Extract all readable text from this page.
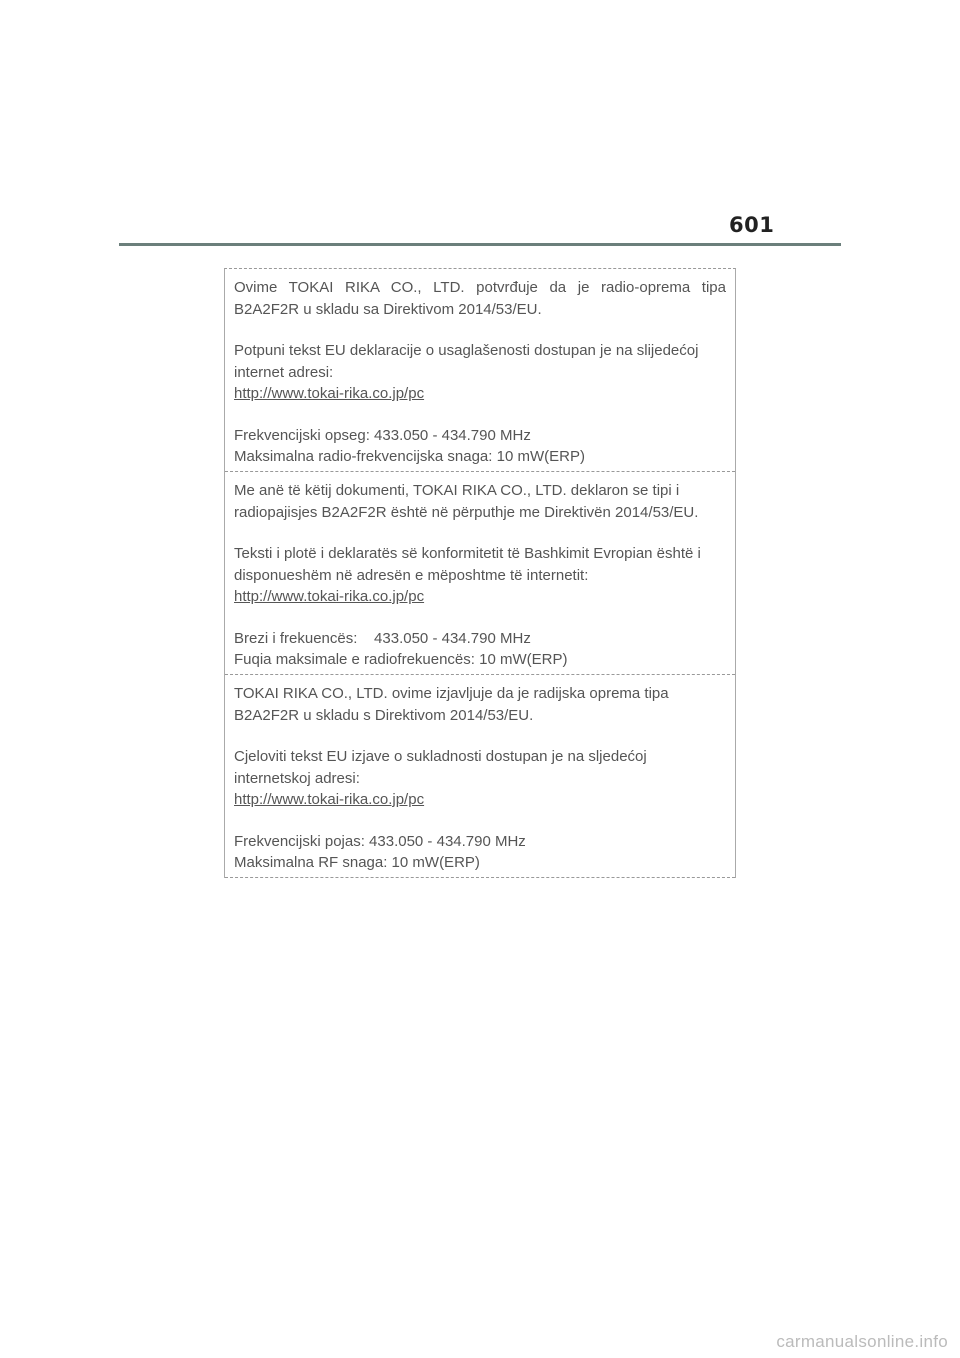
601

Ovime TOKAI RIKA CO., LTD. potvrđuje da je radio-oprema tipa

B2A2F2R u skladu sa Direktivom 2014/53/EU.

Potpuni tekst EU deklaracije o usaglašenosti dostupan je na slijedećoj

internet adresi:

http://www.tokai-rika.co.jp/pc

Frekvencijski opseg: 433.050 - 434.790 MHz

Maksimalna radio-frekvencijska snaga: 10 mW(ERP)

Me anë të këtij dokumenti, TOKAI RIKA CO., LTD. deklaron se tipi i

radiopajisjes B2A2F2R është në përputhje me Direktivën 2014/53/EU.

Teksti i plotë i deklaratës së konformitetit të Bashkimit Evropian është i

disponueshëm në adresën e mëposhtme të internetit:

http://www.tokai-rika.co.jp/pc

Brezi i frekuencës:    433.050 - 434.790 MHz

Fuqia maksimale e radiofrekuencës: 10 mW(ERP)

TOKAI RIKA CO., LTD. ovime izjavljuje da je radijska oprema tipa

B2A2F2R u skladu s Direktivom 2014/53/EU.

Cjeloviti tekst EU izjave o sukladnosti dostupan je na sljedećoj

internetskoj adresi:

http://www.tokai-rika.co.jp/pc

Frekvencijski pojas: 433.050 - 434.790 MHz

Maksimalna RF snaga: 10 mW(ERP)

carmanualsonline.info
